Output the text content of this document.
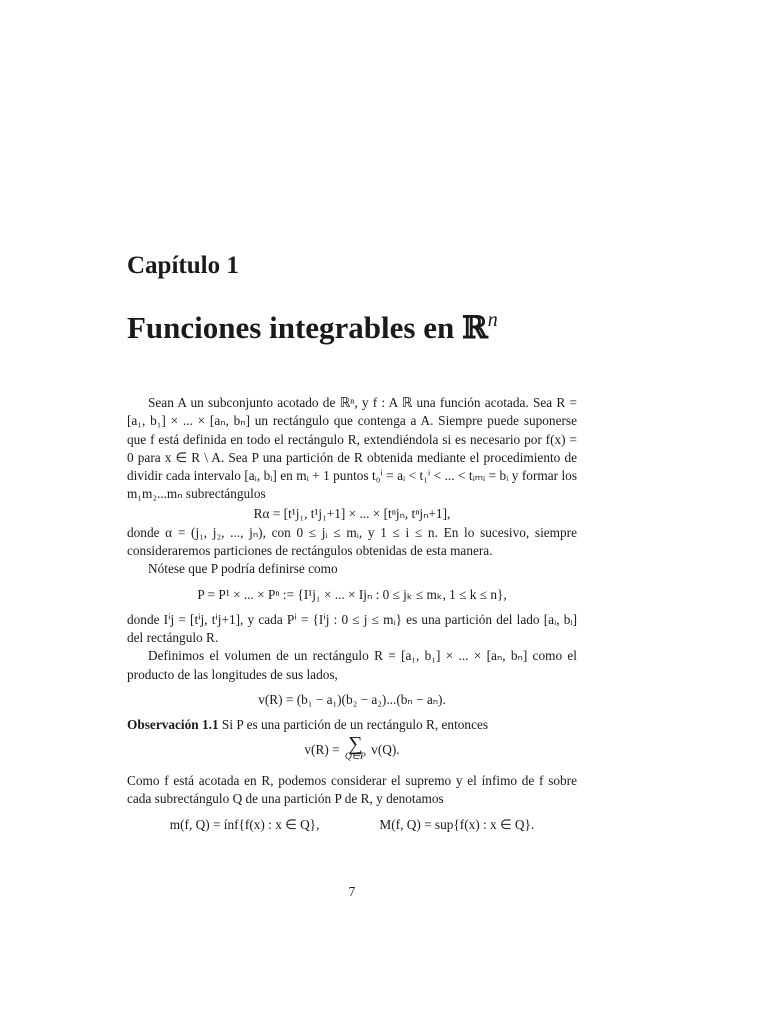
Capítulo 1
Funciones integrables en ℝ$^n$

Sean A un subconjunto acotado de ℝⁿ, y f : A ℝ una función acotada. Sea R = [a₁, b₁] × ... × [aₙ, bₙ] un rectángulo que contenga a A. Siempre puede suponerse que f está definida en todo el rectángulo R, extendiéndola si es necesario por f(x) = 0 para x ∈ R \ A. Sea P una partición de R obtenida mediante el procedimiento de dividir cada intervalo [aᵢ, bᵢ] en mᵢ + 1 puntos t₀ⁱ = aᵢ < t₁ⁱ < ... < tᵢₘᵢ = bᵢ y formar los m₁m₂...mₙ subrectángulos

Rα = [t¹j₁, t¹j₁+1] × ... × [tⁿjₙ, tⁿjₙ+1],

donde α = (j₁, j₂, ..., jₙ), con 0 ≤ jᵢ ≤ mᵢ, y 1 ≤ i ≤ n. En lo sucesivo, siempre consideraremos particiones de rectángulos obtenidas de esta manera.

Nótese que P podría definirse como

P = P¹ × ... × Pⁿ := {I¹j₁ × ... × Ijₙ : 0 ≤ jₖ ≤ mₖ, 1 ≤ k ≤ n},

donde Iⁱj = [tⁱj, tⁱj+1], y cada Pⁱ = {Iⁱj : 0 ≤ j ≤ mᵢ} es una partición del lado [aᵢ, bᵢ] del rectángulo R.

Definimos el volumen de un rectángulo R = [a₁, b₁] × ... × [aₙ, bₙ] como el producto de las longitudes de sus lados,

v(R) = (b₁ − a₁)(b₂ − a₂)...(bₙ − aₙ).

Observación 1.1 Si P es una partición de un rectángulo R, entonces

v(R) = ∑
Q∈P v(Q).

Como f está acotada en R, podemos considerar el supremo y el ínfimo de f sobre cada subrectángulo Q de una partición P de R, y denotamos

m(f, Q) = ínf{f(x) : x ∈ Q},	M(f, Q) = sup{f(x) : x ∈ Q}.

7
